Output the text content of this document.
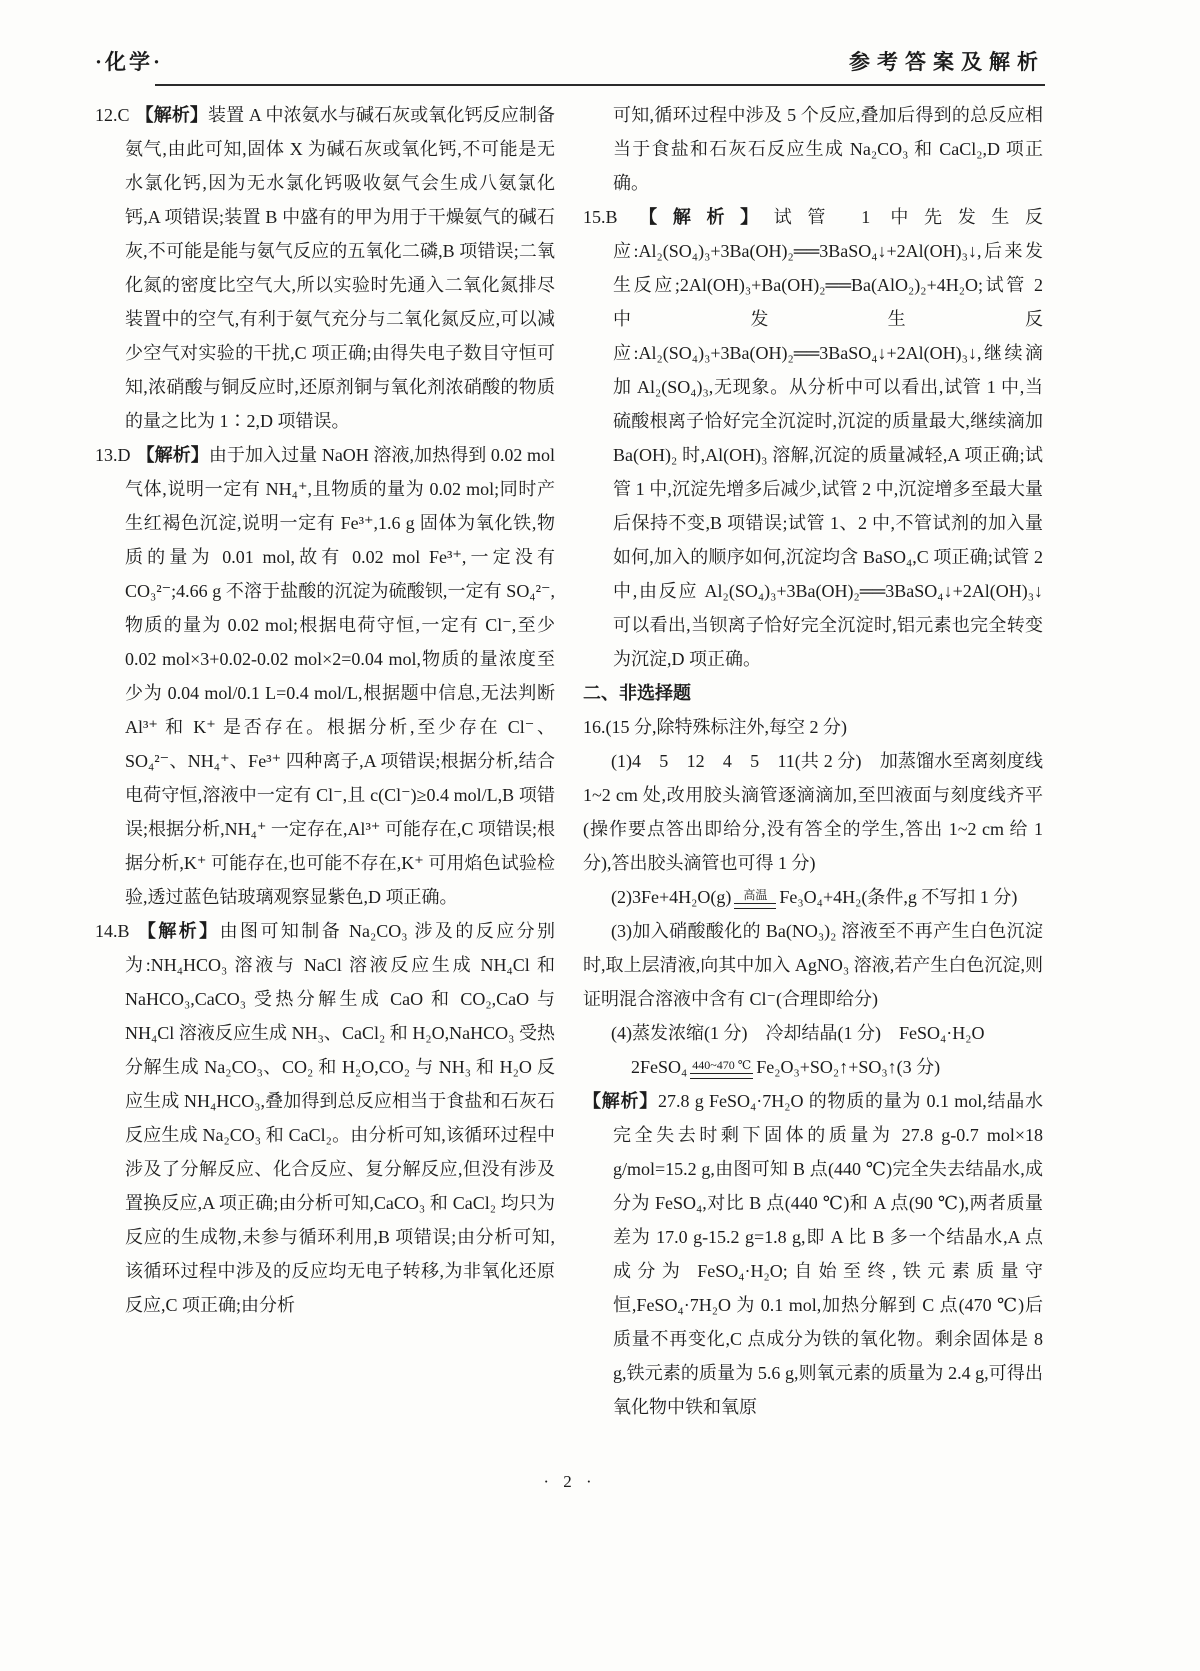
·化学·	参考答案及解析

12.C 【解析】装置 A 中浓氨水与碱石灰或氧化钙反应制备氨气,由此可知,固体 X 为碱石灰或氧化钙,不可能是无水氯化钙,因为无水氯化钙吸收氨气会生成八氨氯化钙,A 项错误;装置 B 中盛有的甲为用于干燥氨气的碱石灰,不可能是能与氨气反应的五氧化二磷,B 项错误;二氧化氮的密度比空气大,所以实验时先通入二氧化氮排尽装置中的空气,有利于氨气充分与二氧化氮反应,可以减少空气对实验的干扰,C 项正确;由得失电子数目守恒可知,浓硝酸与铜反应时,还原剂铜与氧化剂浓硝酸的物质的量之比为 1∶2,D 项错误。

13.D 【解析】由于加入过量 NaOH 溶液,加热得到 0.02 mol 气体,说明一定有 NH₄⁺,且物质的量为 0.02 mol;同时产生红褐色沉淀,说明一定有 Fe³⁺,1.6 g 固体为氧化铁,物质的量为 0.01 mol,故有 0.02 mol Fe³⁺,一定没有 CO₃²⁻;4.66 g 不溶于盐酸的沉淀为硫酸钡,一定有 SO₄²⁻,物质的量为 0.02 mol;根据电荷守恒,一定有 Cl⁻,至少 0.02 mol×3+0.02-0.02 mol×2=0.04 mol,物质的量浓度至少为 0.04 mol/0.1 L=0.4 mol/L,根据题中信息,无法判断 Al³⁺ 和 K⁺ 是否存在。根据分析,至少存在 Cl⁻、SO₄²⁻、NH₄⁺、Fe³⁺ 四种离子,A 项错误;根据分析,结合电荷守恒,溶液中一定有 Cl⁻,且 c(Cl⁻)≥0.4 mol/L,B 项错误;根据分析,NH₄⁺ 一定存在,Al³⁺ 可能存在,C 项错误;根据分析,K⁺ 可能存在,也可能不存在,K⁺ 可用焰色试验检验,透过蓝色钴玻璃观察显紫色,D 项正确。

14.B 【解析】由图可知制备 Na₂CO₃ 涉及的反应分别为:NH₄HCO₃ 溶液与 NaCl 溶液反应生成 NH₄Cl 和 NaHCO₃,CaCO₃ 受热分解生成 CaO 和 CO₂,CaO 与 NH₄Cl 溶液反应生成 NH₃、CaCl₂ 和 H₂O,NaHCO₃ 受热分解生成 Na₂CO₃、CO₂ 和 H₂O,CO₂ 与 NH₃ 和 H₂O 反应生成 NH₄HCO₃,叠加得到总反应相当于食盐和石灰石反应生成 Na₂CO₃ 和 CaCl₂。由分析可知,该循环过程中涉及了分解反应、化合反应、复分解反应,但没有涉及置换反应,A 项正确;由分析可知,CaCO₃ 和 CaCl₂ 均只为反应的生成物,未参与循环利用,B 项错误;由分析可知,该循环过程中涉及的反应均无电子转移,为非氧化还原反应,C 项正确;由分析

可知,循环过程中涉及 5 个反应,叠加后得到的总反应相当于食盐和石灰石反应生成 Na₂CO₃ 和 CaCl₂,D 项正确。

15.B 【解析】试管 1 中先发生反应:Al₂(SO₄)₃+3Ba(OH)₂══3BaSO₄↓+2Al(OH)₃↓,后来发生反应;2Al(OH)₃+Ba(OH)₂══Ba(AlO₂)₂+4H₂O;试管 2 中发生反应:Al₂(SO₄)₃+3Ba(OH)₂══3BaSO₄↓+2Al(OH)₃↓,继续滴加 Al₂(SO₄)₃,无现象。从分析中可以看出,试管 1 中,当硫酸根离子恰好完全沉淀时,沉淀的质量最大,继续滴加 Ba(OH)₂ 时,Al(OH)₃ 溶解,沉淀的质量减轻,A 项正确;试管 1 中,沉淀先增多后减少,试管 2 中,沉淀增多至最大量后保持不变,B 项错误;试管 1、2 中,不管试剂的加入量如何,加入的顺序如何,沉淀均含 BaSO₄,C 项正确;试管 2 中,由反应 Al₂(SO₄)₃+3Ba(OH)₂══3BaSO₄↓+2Al(OH)₃↓可以看出,当钡离子恰好完全沉淀时,铝元素也完全转变为沉淀,D 项正确。

二、非选择题

16.(15 分,除特殊标注外,每空 2 分)

(1)4　5　12　4　5　11(共 2 分)　加蒸馏水至离刻度线 1~2 cm 处,改用胶头滴管逐滴滴加,至凹液面与刻度线齐平(操作要点答出即给分,没有答全的学生,答出 1~2 cm 给 1 分),答出胶头滴管也可得 1 分)

(2)3Fe+4H₂O(g) 高温 Fe₃O₄+4H₂(条件,g 不写扣 1 分)

(3)加入硝酸酸化的 Ba(NO₃)₂ 溶液至不再产生白色沉淀时,取上层清液,向其中加入 AgNO₃ 溶液,若产生白色沉淀,则证明混合溶液中含有 Cl⁻(合理即给分)

(4)蒸发浓缩(1 分)　冷却结晶(1 分)　FeSO₄·H₂O

2FeSO₄ 440~470 ℃ Fe₂O₃+SO₂↑+SO₃↑(3 分)

【解析】27.8 g FeSO₄·7H₂O 的物质的量为 0.1 mol,结晶水完全失去时剩下固体的质量为 27.8 g-0.7 mol×18 g/mol=15.2 g,由图可知 B 点(440 ℃)完全失去结晶水,成分为 FeSO₄,对比 B 点(440 ℃)和 A 点(90 ℃),两者质量差为 17.0 g-15.2 g=1.8 g,即 A 比 B 多一个结晶水,A 点成分为 FeSO₄·H₂O;自始至终,铁元素质量守恒,FeSO₄·7H₂O 为 0.1 mol,加热分解到 C 点(470 ℃)后质量不再变化,C 点成分为铁的氧化物。剩余固体是 8 g,铁元素的质量为 5.6 g,则氧元素的质量为 2.4 g,可得出氧化物中铁和氧原

· 2 ·
